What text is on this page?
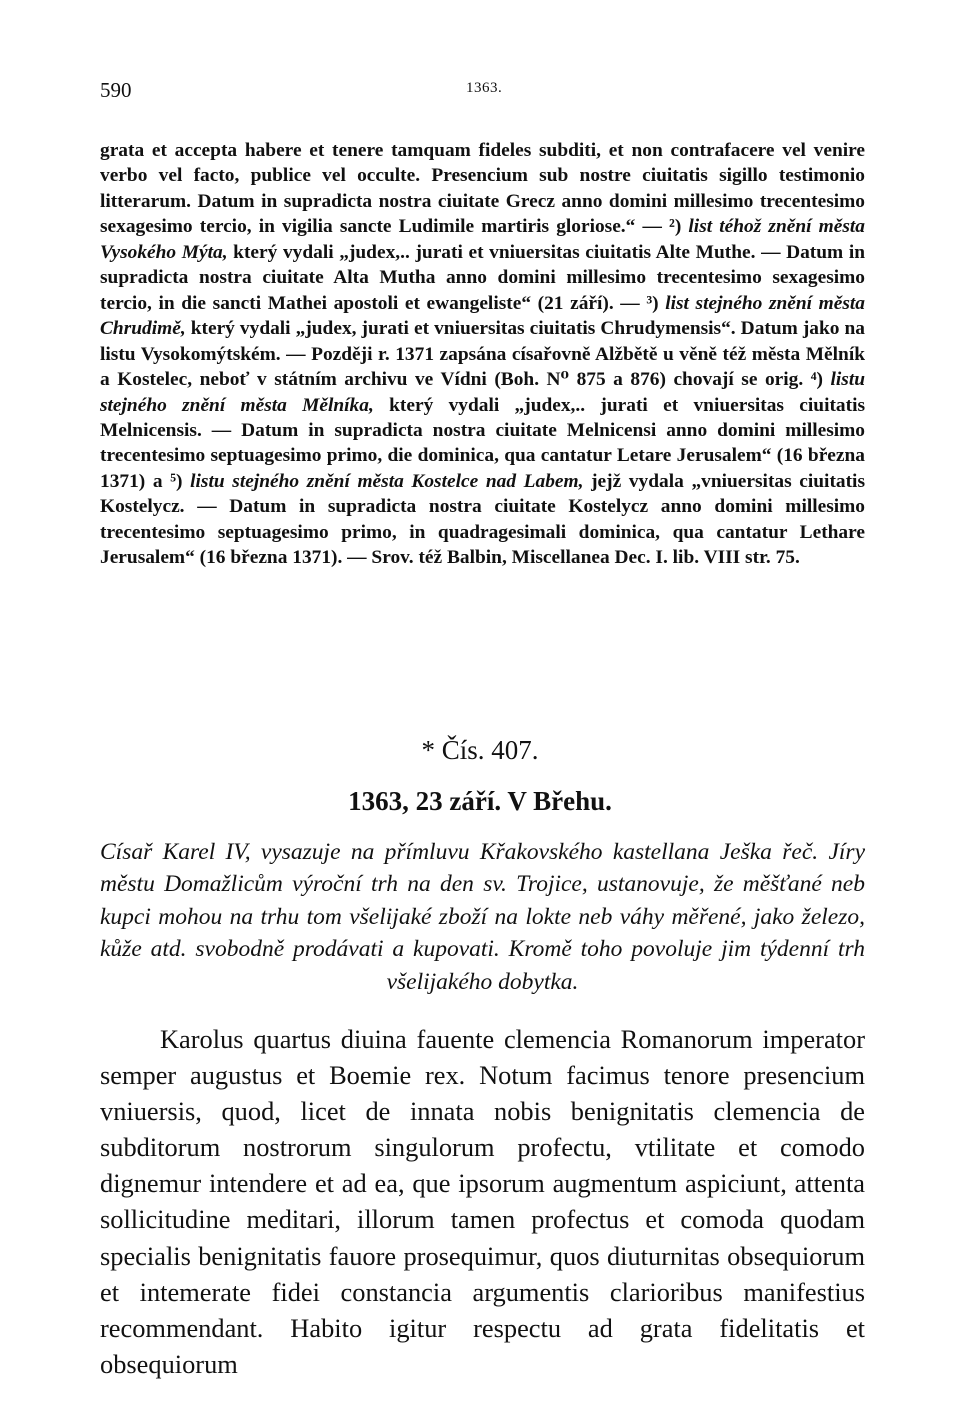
590	1363.

grata et accepta habere et tenere tamquam fideles subditi, et non contrafacere vel venire verbo vel facto, publice vel occulte. Presencium sub nostre ciuitatis sigillo testimonio litterarum. Datum in supradicta nostra ciuitate Grecz anno domini millesimo trecentesimo sexagesimo tercio, in vigilia sancte Ludimile martiris gloriose.“ — ²) list téhož znění města Vysokého Mýta, který vydali „judex,.. jurati et vniuersitas ciuitatis Alte Muthe. — Datum in supradicta nostra ciuitate Alta Mutha anno domini millesimo trecentesimo sexagesimo tercio, in die sancti Mathei apostoli et ewangeliste“ (21 září). — ³) list stejného znění města Chrudimě, který vydali „judex, jurati et vniuersitas ciuitatis Chrudymensis“. Datum jako na listu Vysokomýtském. — Později r. 1371 zapsána císařovně Alžbětě u věně též města Mělník a Kostelec, neboť v státním archivu ve Vídni (Boh. N⁰ 875 a 876) chovají se orig. ⁴) listu stejného znění města Mělníka, který vydali „judex,.. jurati et vniuersitas ciuitatis Melnicensis. — Datum in supradicta nostra ciuitate Melnicensi anno domini millesimo trecentesimo septuagesimo primo, die dominica, qua cantatur Letare Jerusalem“ (16 března 1371) a ⁵) listu stejného znění města Kostelce nad Labem, jejž vydala „vniuersitas ciuitatis Kostelycz. — Datum in supradicta nostra ciuitate Kostelycz anno domini millesimo trecentesimo septuagesimo primo, in quadragesimali dominica, qua cantatur Lethare Jerusalem“ (16 března 1371). — Srov. též Balbin, Miscellanea Dec. I. lib. VIII str. 75.

* Čís. 407.
1363, 23 září. V Břehu.

Císař Karel IV, vysazuje na přímluvu Křakovského kastellana Ješka řeč. Jíry městu Domažlicům výroční trh na den sv. Trojice, ustanovuje, že měšťané neb kupci mohou na trhu tom všelijaké zboží na lokte neb váhy měřené, jako železo, kůže atd. svobodně prodávati a kupovati. Kromě toho povoluje jim týdenní trh všelijakého dobytka.

Karolus quartus diuina fauente clemencia Romanorum imperator semper augustus et Boemie rex. Notum facimus tenore presencium vniuersis, quod, licet de innata nobis benignitatis clemencia de subditorum nostrorum singulorum profectu, vtilitate et comodo dignemur intendere et ad ea, que ipsorum augmentum aspiciunt, attenta sollicitudine meditari, illorum tamen profectus et comoda quodam specialis benignitatis fauore prosequimur, quos diuturnitas obsequiorum et intemerate fidei constancia argumentis clarioribus manifestius recommendant. Habito igitur respectu ad grata fidelitatis et obsequiorum
